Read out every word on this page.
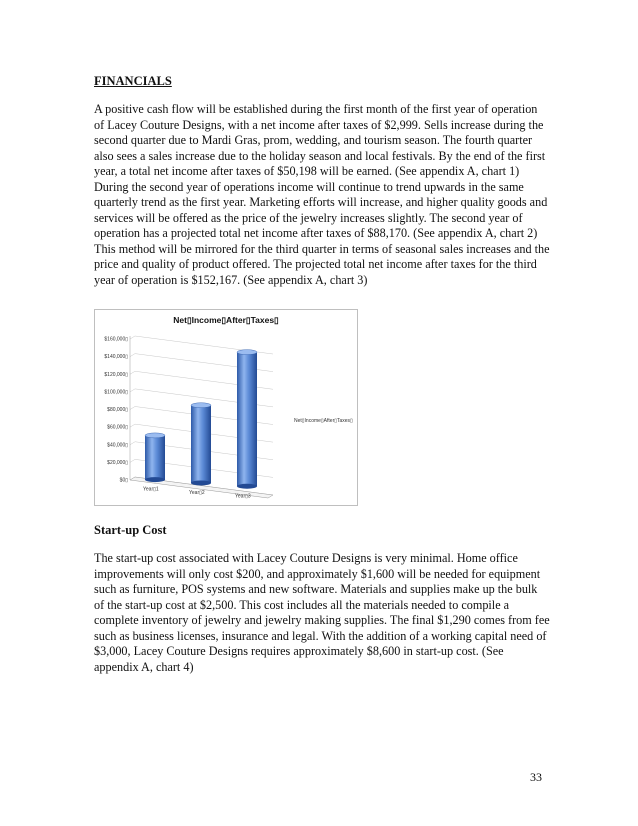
FINANCIALS

A positive cash flow will be established during the first month of the first year of operation of Lacey Couture Designs, with a net income after taxes of $2,999. Sells increase during the second quarter due to Mardi Gras, prom, wedding, and tourism season. The fourth quarter also sees a sales increase due to the holiday season and local festivals. By the end of the first year, a total net income after taxes of $50,198 will be earned. (See appendix A, chart 1) During the second year of operations income will continue to trend upwards in the same quarterly trend as the first year. Marketing efforts will increase, and higher quality goods and services will be offered as the price of the jewelry increases slightly. The second year of operation has a projected total net income after taxes of $88,170. (See appendix A, chart 2) This method will be mirrored for the third quarter in terms of seasonal sales increases and the price and quality of product offered. The projected total net income after taxes for the third year of operation is $152,167. (See appendix A, chart 3)

Net▯Income▯After▯Taxes▯
$0▯
$20,000▯
$40,000▯
$60,000▯
$80,000▯
$100,000▯
$120,000▯
$140,000▯
$160,000▯
Year▯1
Year▯2
Year▯3
Net▯Income▯After▯Taxes▯
Start-up Cost

The start-up cost associated with Lacey Couture Designs is very minimal. Home office improvements will only cost $200, and approximately $1,600 will be needed for equipment such as furniture, POS systems and new software. Materials and supplies make up the bulk of the start-up cost at $2,500. This cost includes all the materials needed to compile a complete inventory of jewelry and jewelry making supplies. The final $1,290 comes from fee such as business licenses, insurance and legal. With the addition of a working capital need of $3,000, Lacey Couture Designs requires approximately $8,600 in start-up cost. (See appendix A, chart 4)

33
